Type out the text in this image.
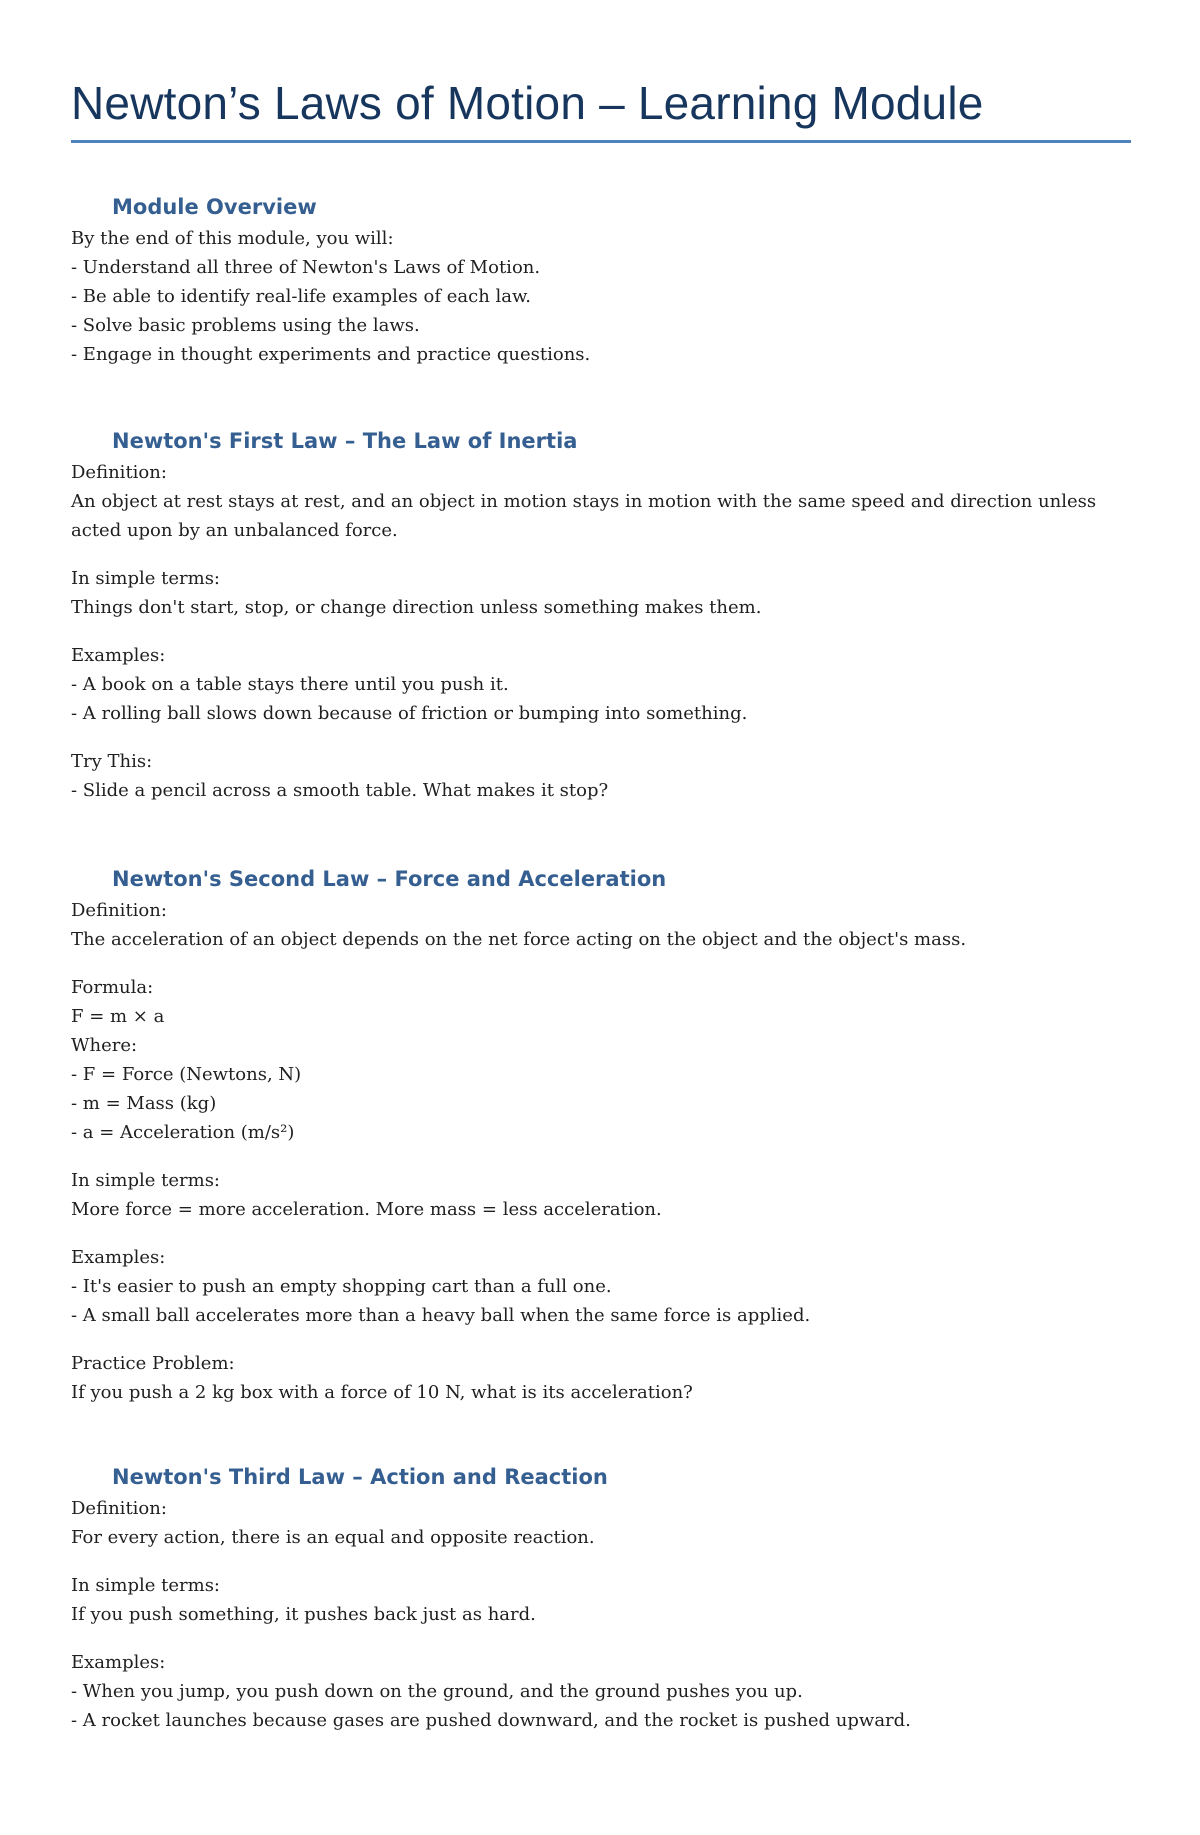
Newton’s Laws of Motion – Learning Module
Module Overview
By the end of this module, you will:
- Understand all three of Newton's Laws of Motion.
- Be able to identify real-life examples of each law.
- Solve basic problems using the laws.
- Engage in thought experiments and practice questions.
Newton's First Law – The Law of Inertia
Definition:
An object at rest stays at rest, and an object in motion stays in motion with the same speed and direction unless acted upon by an unbalanced force.
In simple terms:
Things don't start, stop, or change direction unless something makes them.
Examples:
- A book on a table stays there until you push it.
- A rolling ball slows down because of friction or bumping into something.
Try This:
- Slide a pencil across a smooth table. What makes it stop?
Newton's Second Law – Force and Acceleration
Definition:
The acceleration of an object depends on the net force acting on the object and the object's mass.
Formula:
F = m × a
Where:
- F = Force (Newtons, N)
- m = Mass (kg)
- a = Acceleration (m/s²)
In simple terms:
More force = more acceleration. More mass = less acceleration.
Examples:
- It's easier to push an empty shopping cart than a full one.
- A small ball accelerates more than a heavy ball when the same force is applied.
Practice Problem:
If you push a 2 kg box with a force of 10 N, what is its acceleration?
Newton's Third Law – Action and Reaction
Definition:
For every action, there is an equal and opposite reaction.
In simple terms:
If you push something, it pushes back just as hard.
Examples:
- When you jump, you push down on the ground, and the ground pushes you up.
- A rocket launches because gases are pushed downward, and the rocket is pushed upward.
